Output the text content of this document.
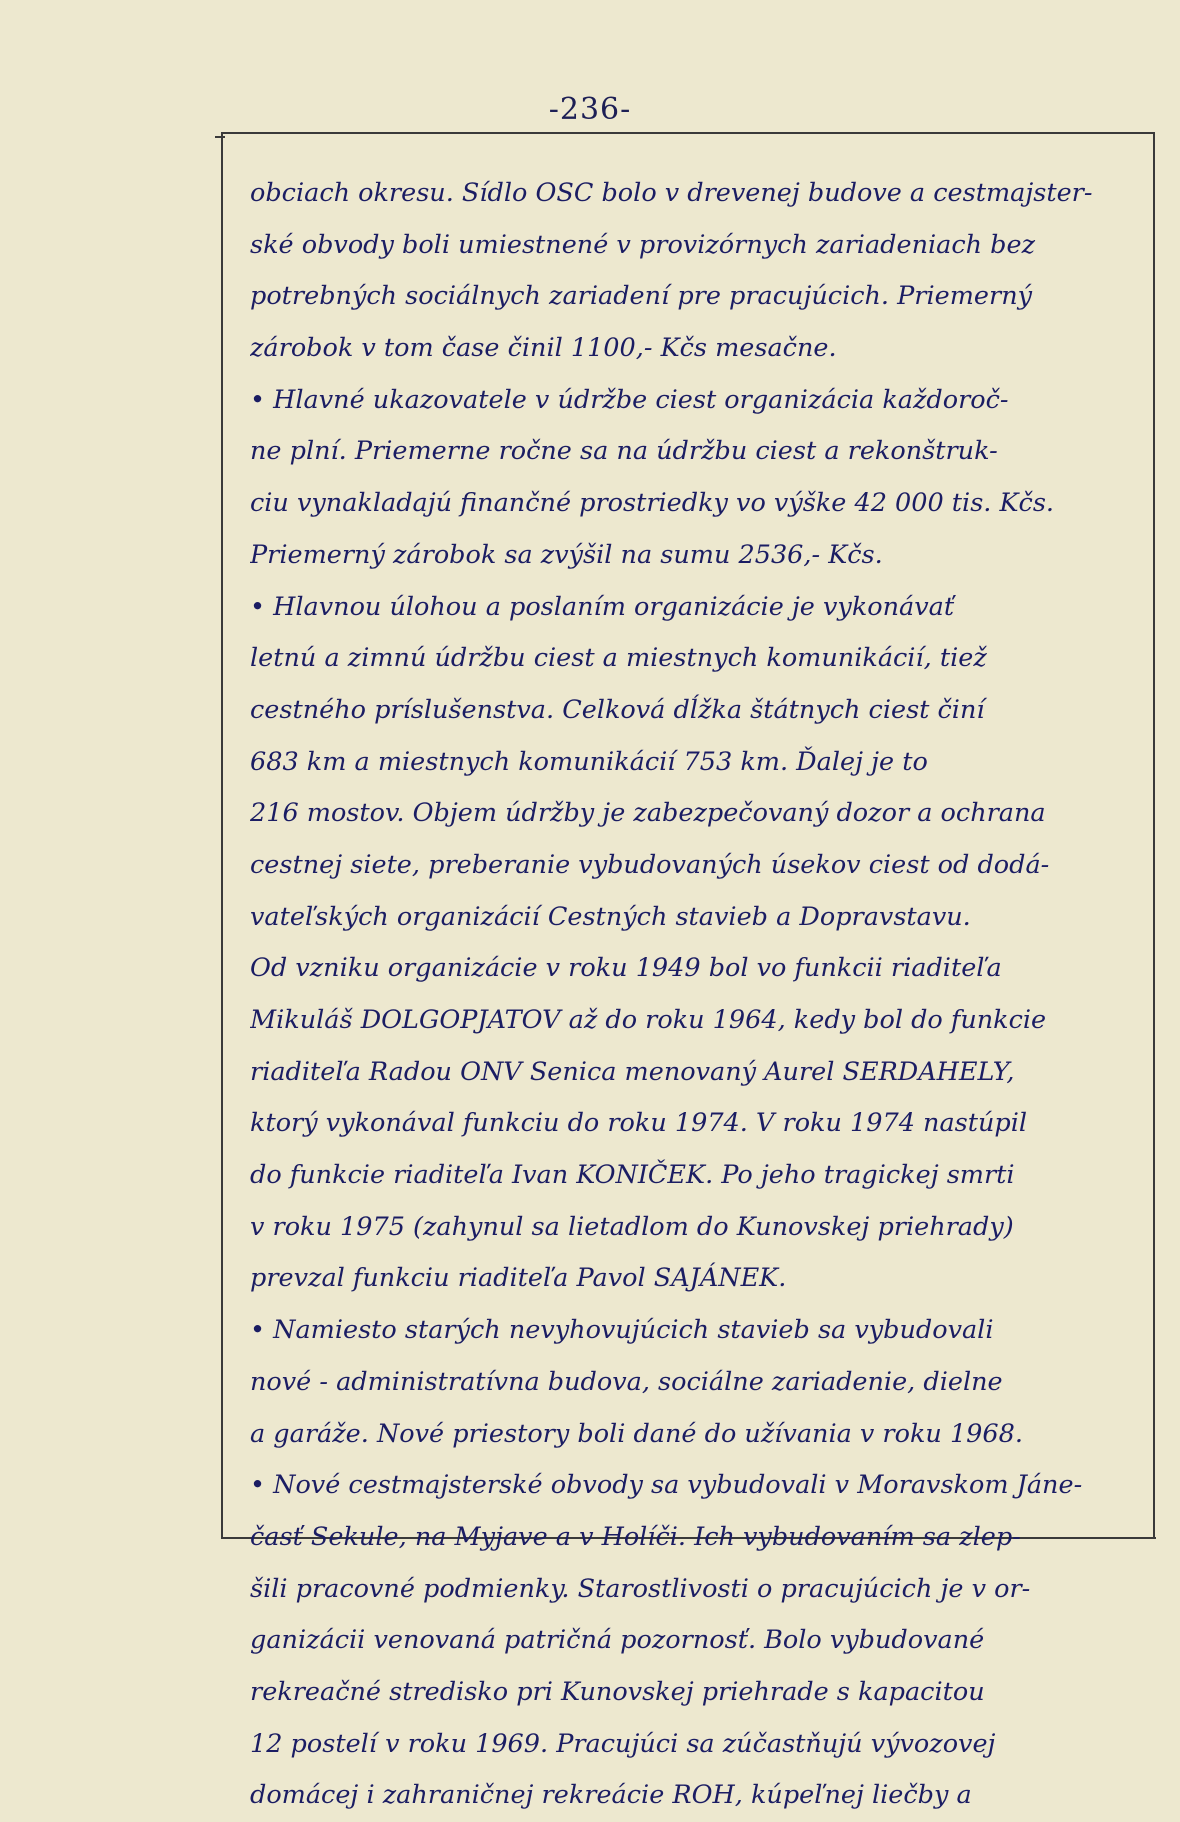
-236-
obciach okresu. Sídlo OSC bolo v drevenej budove a cestmajster-
ské obvody boli umiestnené v provizórnych zariadeniach bez
potrebných sociálnych zariadení pre pracujúcich. Priemerný
zárobok v tom čase činil 1100,- Kčs mesačne.
• Hlavné ukazovatele v údržbe ciest organizácia každoroč-
ne plní. Priemerne ročne sa na údržbu ciest a rekonštruk-
ciu vynakladajú finančné prostriedky vo výške 42 000 tis. Kčs.
Priemerný zárobok sa zvýšil na sumu 2536,- Kčs.
• Hlavnou úlohou a poslaním organizácie je vykonávať
letnú a zimnú údržbu ciest a miestnych komunikácií, tiež
cestného príslušenstva. Celková dĺžka štátnych ciest činí
683 km a miestnych komunikácií 753 km. Ďalej je to
216 mostov. Objem údržby je zabezpečovaný dozor a ochrana
cestnej siete, preberanie vybudovaných úsekov ciest od dodá-
vateľských organizácií Cestných stavieb a Dopravstavu.
Od vzniku organizácie v roku 1949 bol vo funkcii riaditeľa
Mikuláš DOLGOPJATOV až do roku 1964, kedy bol do funkcie
riaditeľa Radou ONV Senica menovaný Aurel SERDAHELY,
ktorý vykonával funkciu do roku 1974. V roku 1974 nastúpil
do funkcie riaditeľa Ivan KONIČEK. Po jeho tragickej smrti
v roku 1975 (zahynul sa lietadlom do Kunovskej priehrady)
prevzal funkciu riaditeľa Pavol SAJÁNEK.
• Namiesto starých nevyhovujúcich stavieb sa vybudovali
nové - administratívna budova, sociálne zariadenie, dielne
a garáže. Nové priestory boli dané do užívania v roku 1968.
• Nové cestmajsterské obvody sa vybudovali v Moravskom Jáne-
časť Sekule, na Myjave a v Holíči. Ich vybudovaním sa zlep-
šili pracovné podmienky. Starostlivosti o pracujúcich je v or-
ganizácii venovaná patričná pozornosť. Bolo vybudované
rekreačné stredisko pri Kunovskej priehrade s kapacitou
12 postelí v roku 1969. Pracujúci sa zúčastňujú vývozovej
domácej i zahraničnej rekreácie ROH, kúpeľnej liečby a
